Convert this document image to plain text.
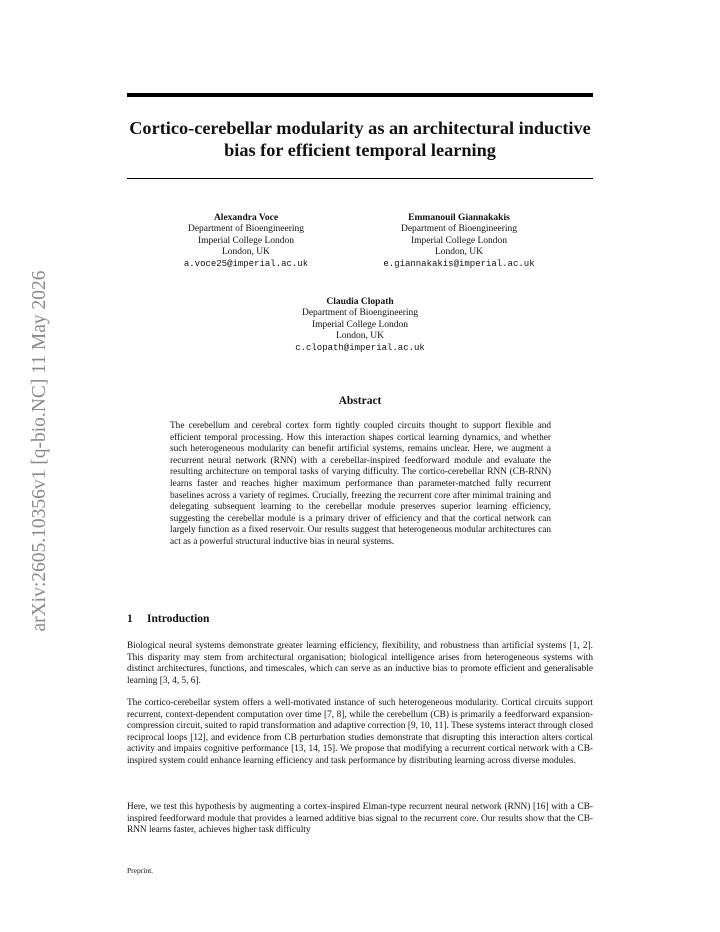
arXiv:2605.10356v1 [q-bio.NC] 11 May 2026
Cortico-cerebellar modularity as an architectural inductive bias for efficient temporal learning
Alexandra Voce
Department of Bioengineering
Imperial College London
London, UK
a.voce25@imperial.ac.uk
Emmanouil Giannakakis
Department of Bioengineering
Imperial College London
London, UK
e.giannakakis@imperial.ac.uk
Claudia Clopath
Department of Bioengineering
Imperial College London
London, UK
c.clopath@imperial.ac.uk
Abstract
The cerebellum and cerebral cortex form tightly coupled circuits thought to support flexible and efficient temporal processing. How this interaction shapes cortical learning dynamics, and whether such heterogeneous modularity can benefit artificial systems, remains unclear. Here, we augment a recurrent neural network (RNN) with a cerebellar-inspired feedforward module and evaluate the resulting architecture on temporal tasks of varying difficulty. The cortico-cerebellar RNN (CB-RNN) learns faster and reaches higher maximum performance than parameter-matched fully recurrent baselines across a variety of regimes. Crucially, freezing the recurrent core after minimal training and delegating subsequent learning to the cerebellar module preserves superior learning efficiency, suggesting the cerebellar module is a primary driver of efficiency and that the cortical network can largely function as a fixed reservoir. Our results suggest that heterogeneous modular architectures can act as a powerful structural inductive bias in neural systems.
1 Introduction
Biological neural systems demonstrate greater learning efficiency, flexibility, and robustness than artificial systems [1, 2]. This disparity may stem from architectural organisation; biological intelligence arises from heterogeneous systems with distinct architectures, functions, and timescales, which can serve as an inductive bias to promote efficient and generalisable learning [3, 4, 5, 6].
The cortico-cerebellar system offers a well-motivated instance of such heterogeneous modularity. Cortical circuits support recurrent, context-dependent computation over time [7, 8], while the cerebellum (CB) is primarily a feedforward expansion-compression circuit, suited to rapid transformation and adaptive correction [9, 10, 11]. These systems interact through closed reciprocal loops [12], and evidence from CB perturbation studies demonstrate that disrupting this interaction alters cortical activity and impairs cognitive performance [13, 14, 15]. We propose that modifying a recurrent cortical network with a CB-inspired system could enhance learning efficiency and task performance by distributing learning across diverse modules.
Here, we test this hypothesis by augmenting a cortex-inspired Elman-type recurrent neural network (RNN) [16] with a CB-inspired feedforward module that provides a learned additive bias signal to the recurrent core. Our results show that the CB-RNN learns faster, achieves higher task difficulty
Preprint.
